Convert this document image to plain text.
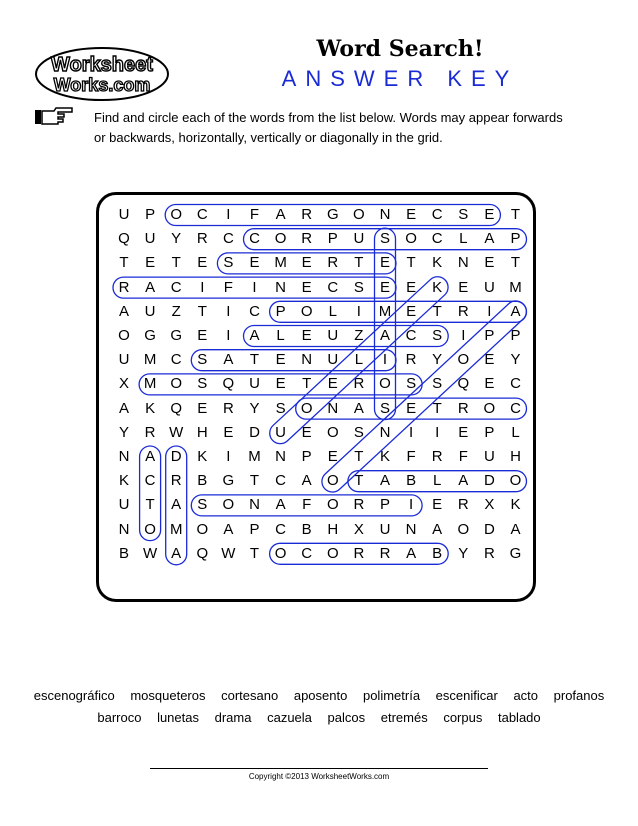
Worksheet
Works.com
Word Search!
ANSWER KEY
Find and circle each of the words from the list below. Words may appear forwards
or backwards, horizontally, vertically or diagonally in the grid.
U	P	O C	I	F	A	R G O N	E	C	S	E	T
Q U	Y	R	C	C O R	P	U	S	O C	L	A	P
T	E	T	E	S	E M E	R	T	E	T	K	N	E	T
R	A	C	I	F	I	N	E	C	S	E	E	K	E	U M
A	U	Z	T	I	C	P	O	L	I	M E	T	R	I	A
O G G	E	I	A	L	E	U	Z	A	C	S	I	P	P
U M C	S	A	T	E	N	U	L	I	R	Y	O	E	Y
X M O	S	Q U	E	T	E	R O	S	S	Q	E	C
A	K	Q	E	R	Y	S	O N	A	S	E	T	R O C
Y	R W H	E	D	U	E	O	S	N	I	I	E	P	L
N	A	D	K	I	M N	P	E	T	K	F	R	F	U	H
K	C	R	B	G	T	C	A	O	T	A	B	L	A	D O
U	T	A	S	O N	A	F	O R	P	I	E	R	X	K
N O M O	A	P	C	B	H	X	U	N	A	O D	A
B W A	Q W T	O C O R	R	A	B	Y	R G
escenográfico mosqueteros cortesano aposento polimetría escenificar acto profanos
barroco lunetas drama cazuela palcos etremés corpus tablado
Copyright ©2013 WorksheetWorks.com
